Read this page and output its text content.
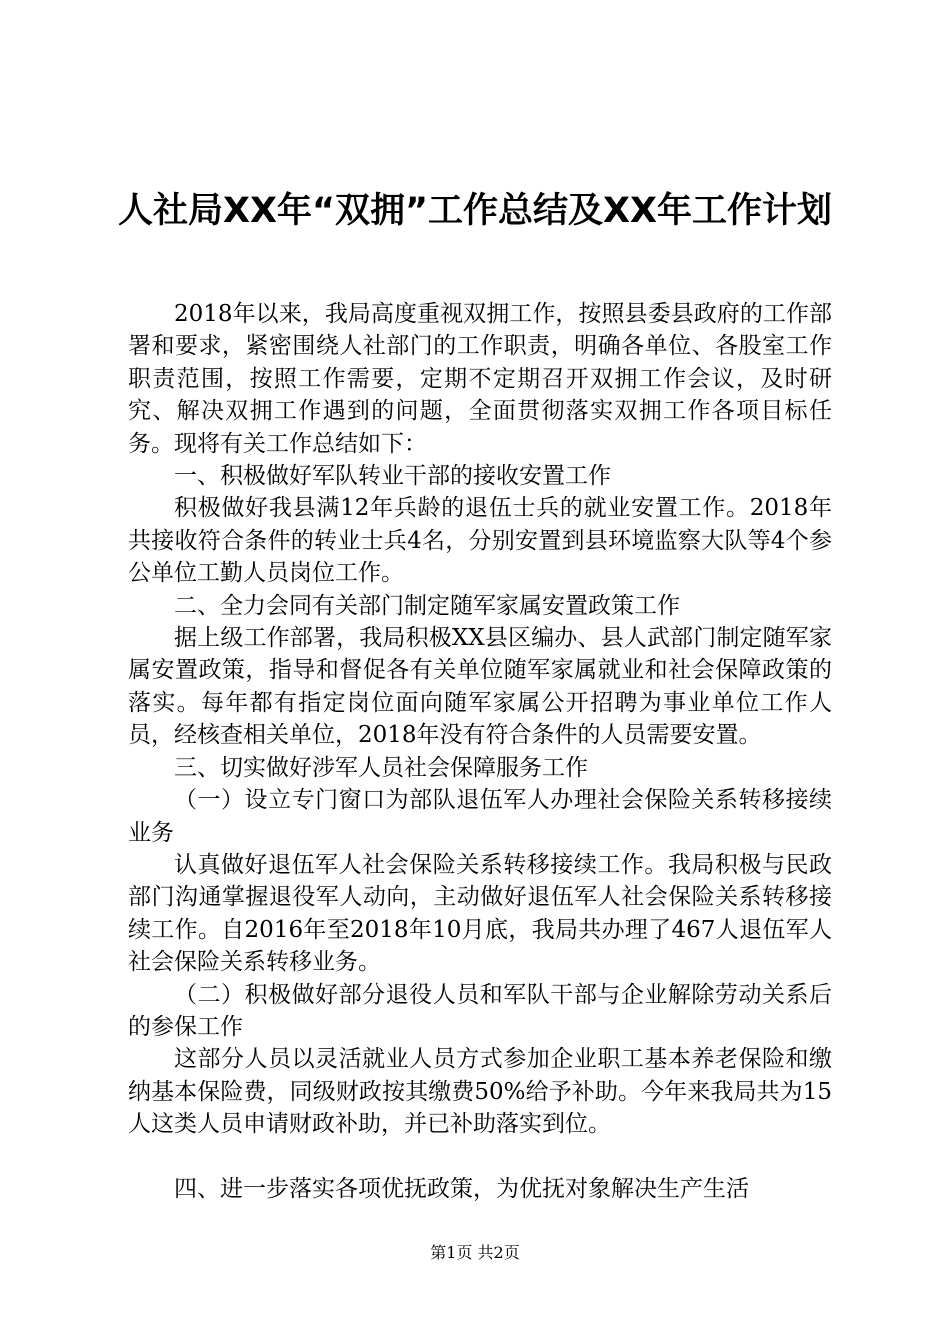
人社局XX年“双拥”工作总结及XX年工作计划

2018年以来，我局高度重视双拥工作，按照县委县政府的工作部署和要求，紧密围绕人社部门的工作职责，明确各单位、各股室工作职责范围，按照工作需要，定期不定期召开双拥工作会议，及时研究、解决双拥工作遇到的问题，全面贯彻落实双拥工作各项目标任务。现将有关工作总结如下：

一、积极做好军队转业干部的接收安置工作

积极做好我县满12年兵龄的退伍士兵的就业安置工作。2018年共接收符合条件的转业士兵4名，分别安置到县环境监察大队等4个参公单位工勤人员岗位工作。

二、全力会同有关部门制定随军家属安置政策工作

据上级工作部署，我局积极XX县区编办、县人武部门制定随军家属安置政策，指导和督促各有关单位随军家属就业和社会保障政策的落实。每年都有指定岗位面向随军家属公开招聘为事业单位工作人员，经核查相关单位，2018年没有符合条件的人员需要安置。

三、切实做好涉军人员社会保障服务工作

（一）设立专门窗口为部队退伍军人办理社会保险关系转移接续业务

认真做好退伍军人社会保险关系转移接续工作。我局积极与民政部门沟通掌握退役军人动向，主动做好退伍军人社会保险关系转移接续工作。自2016年至2018年10月底，我局共办理了467人退伍军人社会保险关系转移业务。

（二）积极做好部分退役人员和军队干部与企业解除劳动关系后的参保工作

这部分人员以灵活就业人员方式参加企业职工基本养老保险和缴纳基本保险费，同级财政按其缴费50%给予补助。今年来我局共为15人这类人员申请财政补助，并已补助落实到位。

四、进一步落实各项优抚政策，为优抚对象解决生产生活

第1页 共2页
